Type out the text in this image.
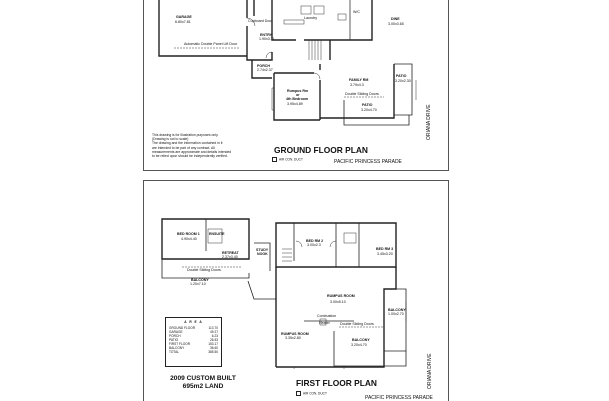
GARAGE
6.80x7.81	Cupboard Door
Automatic Double Panel Lift Door
ENTRY
1.90x3.71
PORCH
2.74x2.37
Laundry
W/C
DINE
3.00x3.65
Rumpus Rm
or
4th Bedroom
3.95x4.89
FAMILY RM
3.79x4.3
Double Sliding Doors
PATIO
3.20x2.30
PATIO
3.20x4.70
This drawing is for illustration purposes only.
(Drawing is not to scale)
The drawing and the information contained in it
are intended to be part of any contract. All
measurements are approximate and details intended
to be relied upon should be independently verified.
GROUND FLOOR PLAN
AIR CON. DUCT	PACIFIC PRINCESS PARADE
ORIANA DRIVE
BED ROOM 1
4.90x4.40
ENSUITE
RETREAT
2.37x3.40
Double Sliding Doors
BALCONY
1.20x7.10
STUDY
NOOK
BED RM 2
3.00x2.3
BED RM 3
3.45x3.20
RUMPUS ROOM
3.00x5.10
BALCONY
1.00x2.70
Combustion
Heater	Double Sliding Doors
RUMPUS ROOM
3.35x2.80	BALCONY
3.20x4.70
A R E A
GROUND FLOOR	113.70
GARAGE	49.27
PORCH	6.23
PATIO	26.53
FIRST FLOOR	153.17
BALCONY	36.60
TOTAL	385.50
2009 CUSTOM BUILT
695m2 LAND	FIRST FLOOR PLAN
AIR CON. DUCT
PACIFIC PRINCESS PARADE
ORIANA DRIVE
